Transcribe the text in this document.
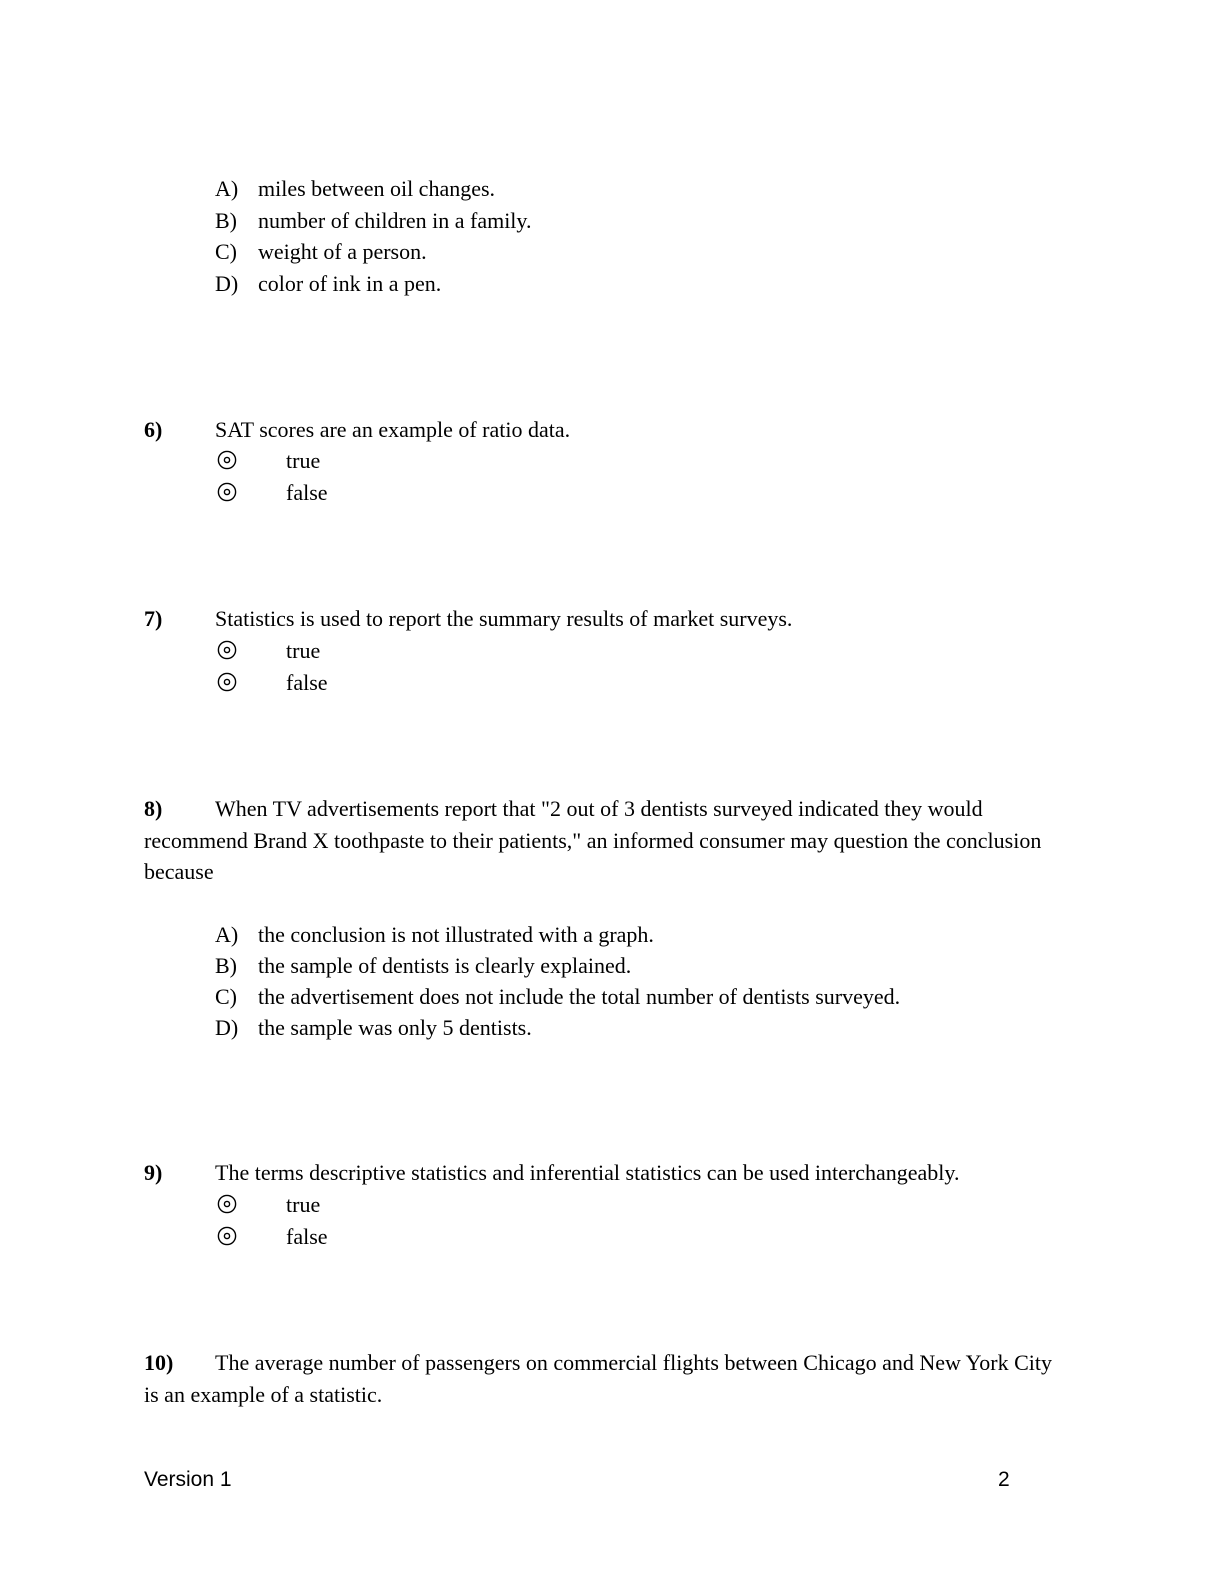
A) miles between oil changes.
B) number of children in a family.
C) weight of a person.
D) color of ink in a pen.
6) SAT scores are an example of ratio data.
true
false
7) Statistics is used to report the summary results of market surveys.
true
false
8) When TV advertisements report that "2 out of 3 dentists surveyed indicated they would recommend Brand X toothpaste to their patients," an informed consumer may question the conclusion because
A) the conclusion is not illustrated with a graph.
B) the sample of dentists is clearly explained.
C) the advertisement does not include the total number of dentists surveyed.
D) the sample was only 5 dentists.
9) The terms descriptive statistics and inferential statistics can be used interchangeably.
true
false
10) The average number of passengers on commercial flights between Chicago and New York City is an example of a statistic.
Version 1	2
